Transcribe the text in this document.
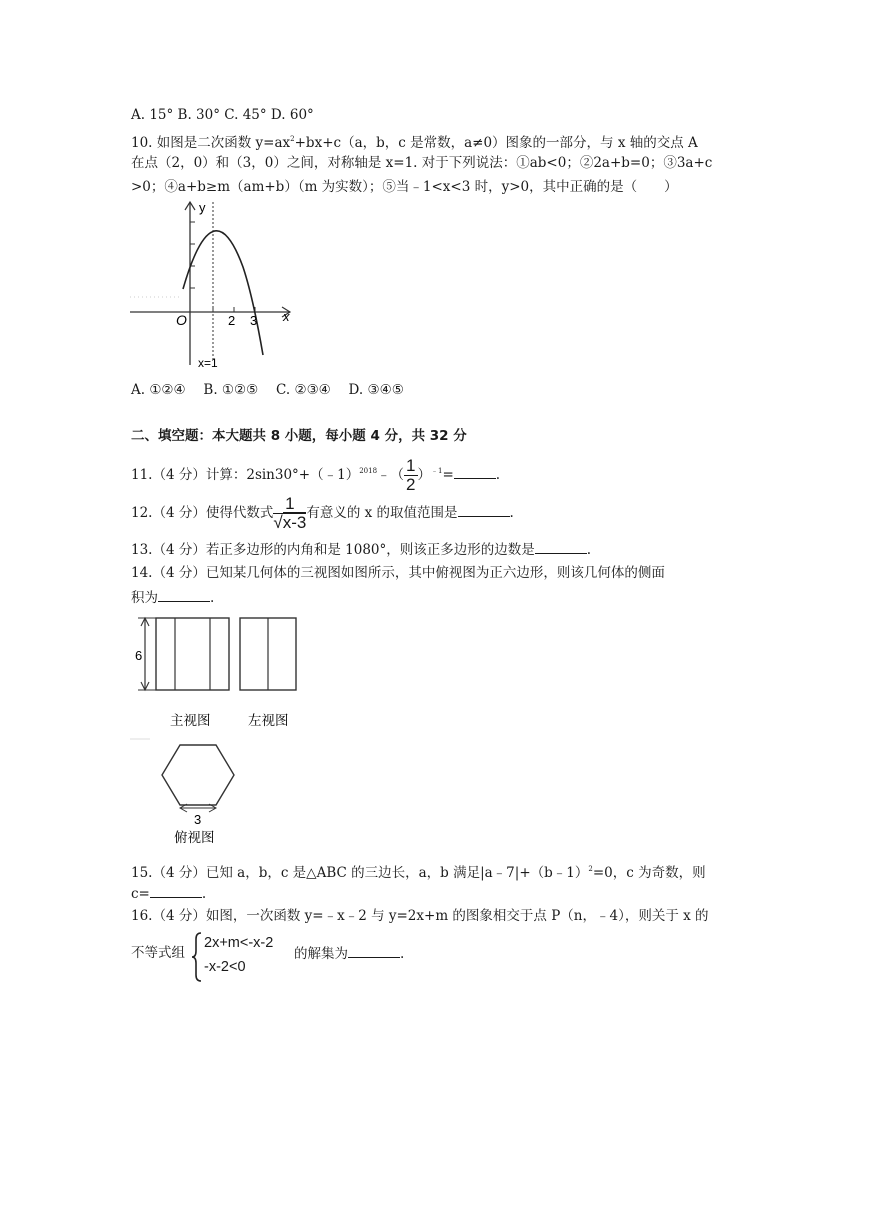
A. 15° B. 30° C. 45° D. 60°
10. 如图是二次函数 $y=ax^2+bx+c(a$，b，c 是常数，a≠0）图象的一部分，与 x 轴的交点 A
在点（2，0）和（3，0）之间，对称轴是 x=1. 对于下列说法：①ab<0；②2a+b=0；③3a+c
>0；④a+b≥m（am+b）（m 为实数）；⑤当﹣1<x<3 时，y>0，其中正确的是（　　）
y
x
O	2 3
x=1
A. ①②④　 B. ①②⑤　 C. ②③④　 D. ③④⑤
二、填空题：本大题共 8 小题，每小题 4 分，共 32 分
11.（4 分）计算：2sin30°+（﹣1）$^{2018}$﹣（ $\frac{1}{2} )^{﹣1}=$	.
12.（4 分）使得代数式 $\frac{1}{√x-3}$ 有意义的 x 的取值范围是	.
13.（4 分）若正多边形的内角和是 1080°，则该正多边形的边数是	.
14.（4 分）已知某几何体的三视图如图所示，其中俯视图为正六边形，则该几何体的侧面
积为	.
6
主视图	左视图
3
俯视图
15.（4 分）已知 a，b，c 是△ABC 的三边长，a，b 满足|a﹣7|+（b﹣1）$^2$=0，c 为奇数，则
c=	.
16.（4 分）如图，一次函数 y=﹣x﹣2 与 y=2x+m 的图象相交于点 P（n，﹣4），则关于 x 的
不等式组
2x+m<-x-2
-x-2<0
的解集为	.
